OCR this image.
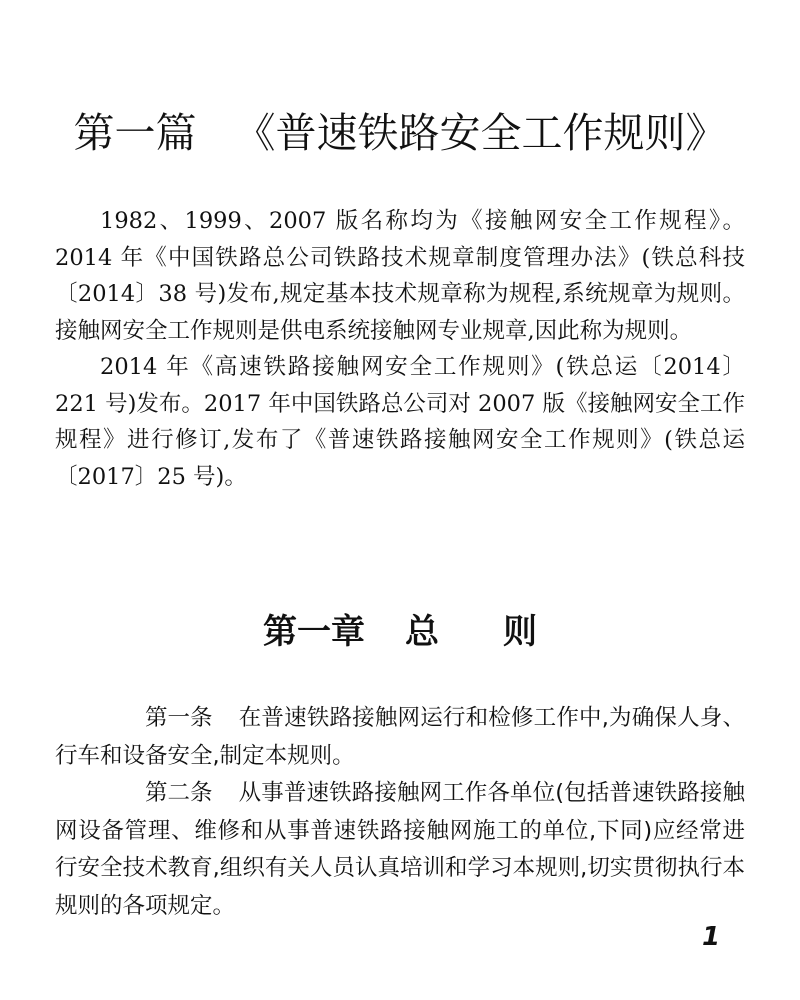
第一篇 《普速铁路安全工作规则》

1982、1999、2007 版名称均为《接触网安全工作规程》。2014 年《中国铁路总公司铁路技术规章制度管理办法》(铁总科技〔2014〕38 号)发布,规定基本技术规章称为规程,系统规章为规则。接触网安全工作规则是供电系统接触网专业规章,因此称为规则。

2014 年《高速铁路接触网安全工作规则》(铁总运〔2014〕221 号)发布。2017 年中国铁路总公司对 2007 版《接触网安全工作规程》进行修订,发布了《普速铁路接触网安全工作规则》(铁总运〔2017〕25 号)。

第一章 总 则

第一条 在普速铁路接触网运行和检修工作中,为确保人身、行车和设备安全,制定本规则。

第二条 从事普速铁路接触网工作各单位(包括普速铁路接触网设备管理、维修和从事普速铁路接触网施工的单位,下同)应经常进行安全技术教育,组织有关人员认真培训和学习本规则,切实贯彻执行本规则的各项规定。

1
